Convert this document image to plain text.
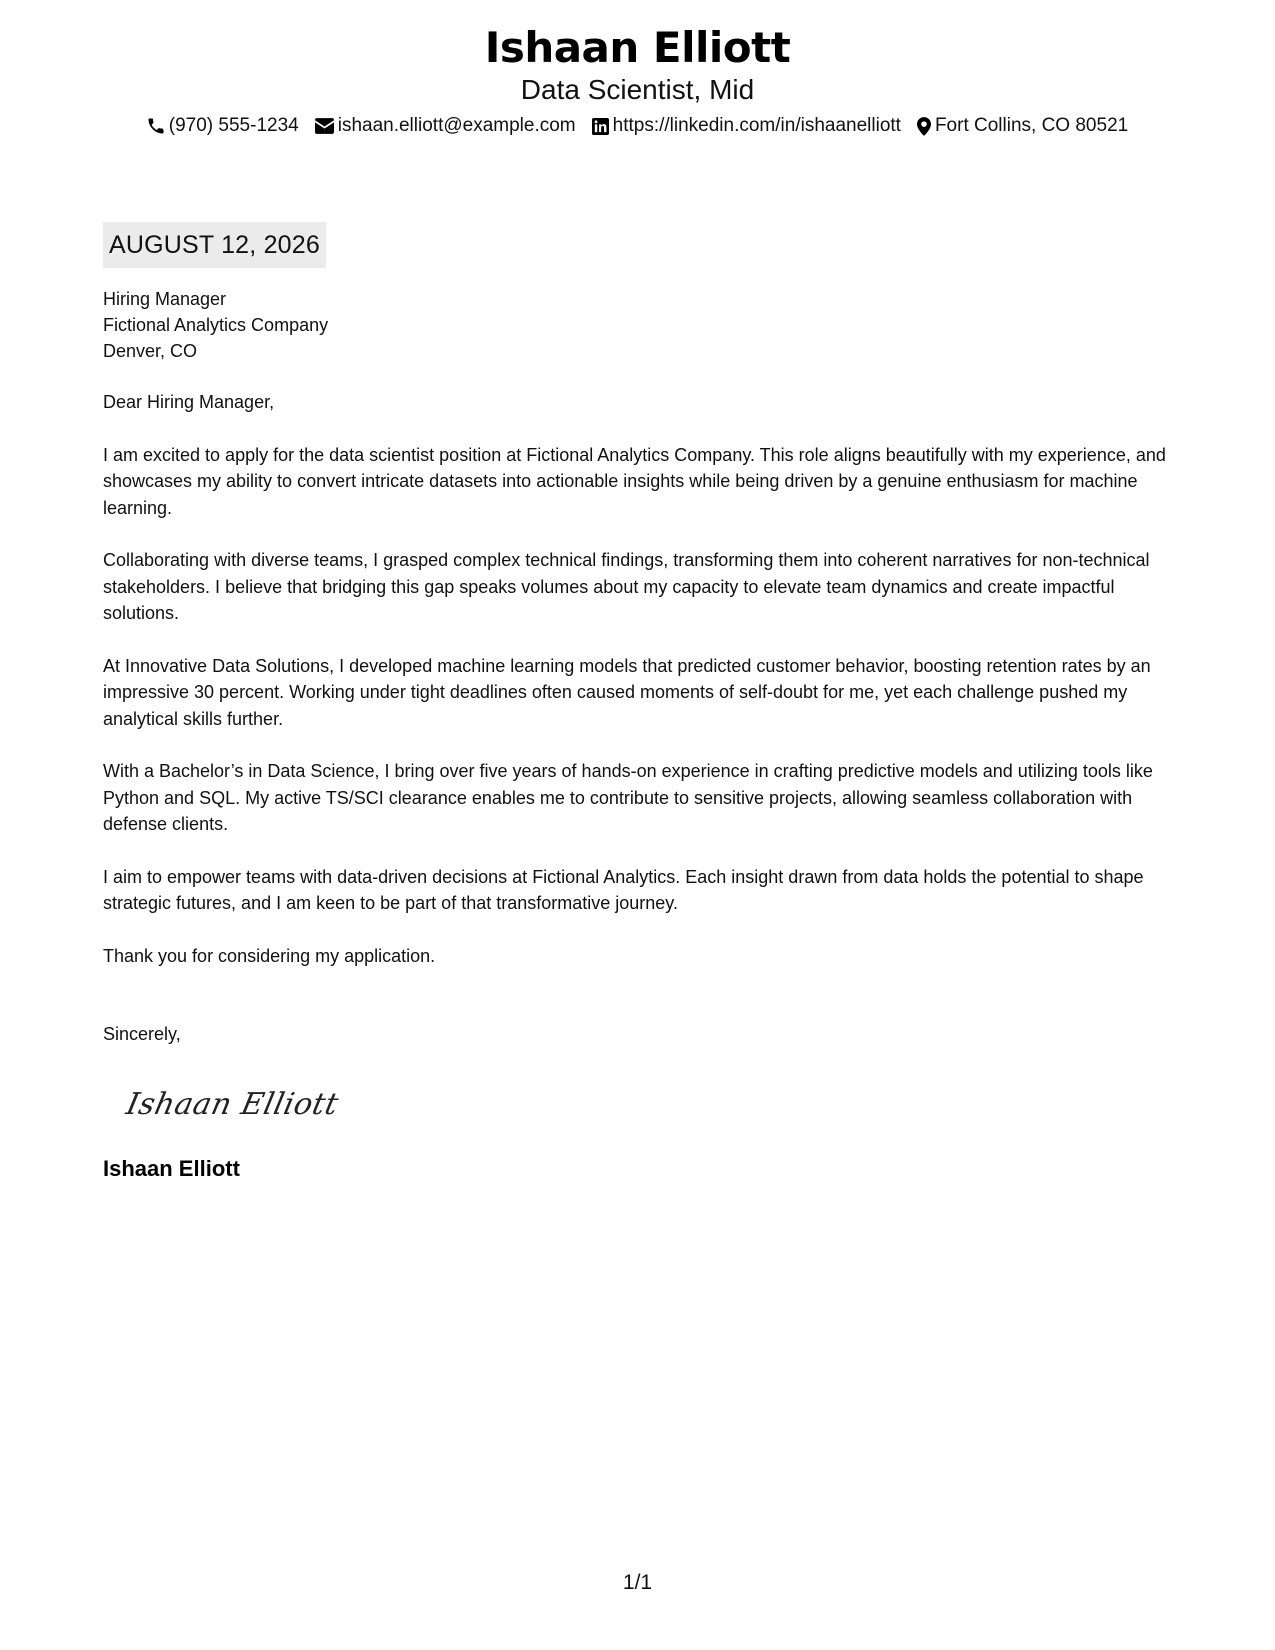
Ishaan Elliott
Data Scientist, Mid
(970) 555-1234 ishaan.elliott@example.com https://linkedin.com/in/ishaanelliott Fort Collins, CO 80521
AUGUST 12, 2026
Hiring Manager
Fictional Analytics Company
Denver, CO
Dear Hiring Manager,

I am excited to apply for the data scientist position at Fictional Analytics Company. This role aligns beautifully with my experience, and showcases my ability to convert intricate datasets into actionable insights while being driven by a genuine enthusiasm for machine learning.

Collaborating with diverse teams, I grasped complex technical findings, transforming them into coherent narratives for non-technical stakeholders. I believe that bridging this gap speaks volumes about my capacity to elevate team dynamics and create impactful solutions.

At Innovative Data Solutions, I developed machine learning models that predicted customer behavior, boosting retention rates by an impressive 30 percent. Working under tight deadlines often caused moments of self-doubt for me, yet each challenge pushed my analytical skills further.

With a Bachelor’s in Data Science, I bring over five years of hands-on experience in crafting predictive models and utilizing tools like Python and SQL. My active TS/SCI clearance enables me to contribute to sensitive projects, allowing seamless collaboration with defense clients.

I aim to empower teams with data-driven decisions at Fictional Analytics. Each insight drawn from data holds the potential to shape strategic futures, and I am keen to be part of that transformative journey.

Thank you for considering my application.

Sincerely,
Ishaan Elliott
Ishaan Elliott
1/1
